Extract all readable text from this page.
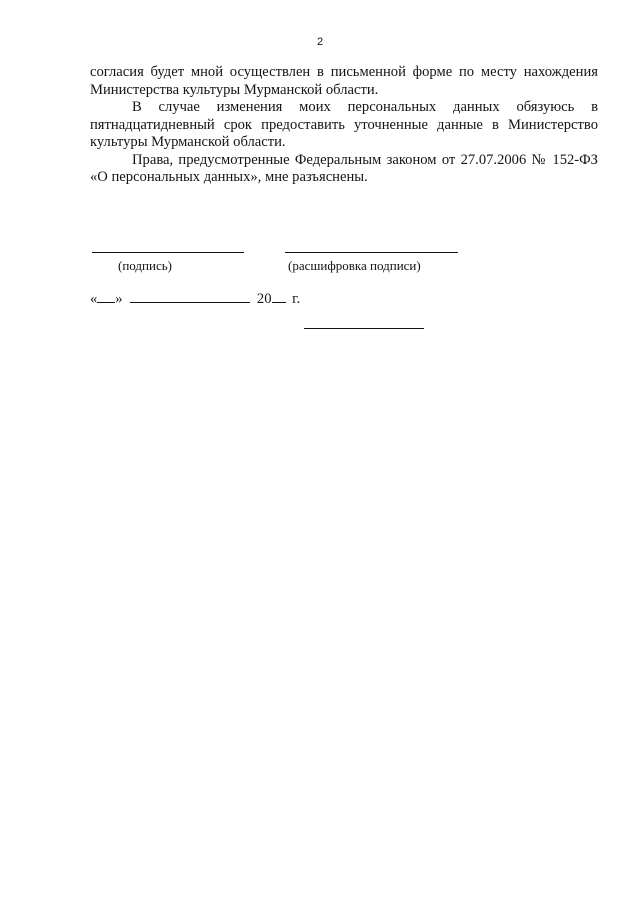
2

согласия будет мной осуществлен в письменной форме по месту нахождения Министерства культуры Мурманской области.

В случае изменения моих персональных данных обязуюсь в пятнадцатидневный срок предоставить уточненные данные в Министерство культуры Мурманской области.

Права, предусмотренные Федеральным законом от 27.07.2006 № 152-ФЗ «О персональных данных», мне разъяснены.

(подпись)	(расшифровка подписи)
« »	20 г.
